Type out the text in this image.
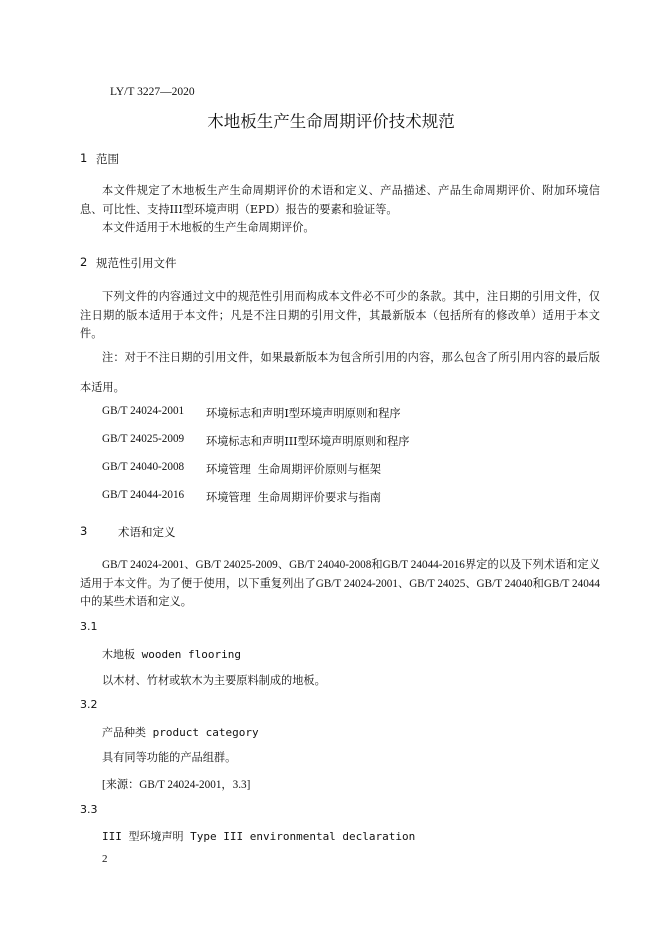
LY/T 3227—2020
木地板生产生命周期评价技术规范
1 范围
本文件规定了木地板生产生命周期评价的术语和定义、产品描述、产品生命周期评价、附加环境信息、可比性、支持III型环境声明（EPD）报告的要素和验证等。
本文件适用于木地板的生产生命周期评价。
2 规范性引用文件
下列文件的内容通过文中的规范性引用而构成本文件必不可少的条款。其中，注日期的引用文件，仅注日期的版本适用于本文件；凡是不注日期的引用文件，其最新版本（包括所有的修改单）适用于本文件。
注：对于不注日期的引用文件，如果最新版本为包含所引用的内容，那么包含了所引用内容的最后版本适用。
GB/T 24024-2001 环境标志和声明I型环境声明原则和程序
GB/T 24025-2009 环境标志和声明III型环境声明原则和程序
GB/T 24040-2008 环境管理  生命周期评价原则与框架
GB/T 24044-2016 环境管理  生命周期评价要求与指南
3	术语和定义
GB/T 24024-2001、GB/T 24025-2009、GB/T 24040-2008和GB/T 24044-2016界定的以及下列术语和定义适用于本文件。为了便于使用，以下重复列出了GB/T 24024-2001、GB/T 24025、GB/T 24040和GB/T 24044中的某些术语和定义。
3.1
木地板 wooden flooring
以木材、竹材或软木为主要原料制成的地板。
3.2
产品种类 product category
具有同等功能的产品组群。
[来源：GB/T 24024-2001，3.3]
3.3
III 型环境声明 Type III environmental declaration
2
